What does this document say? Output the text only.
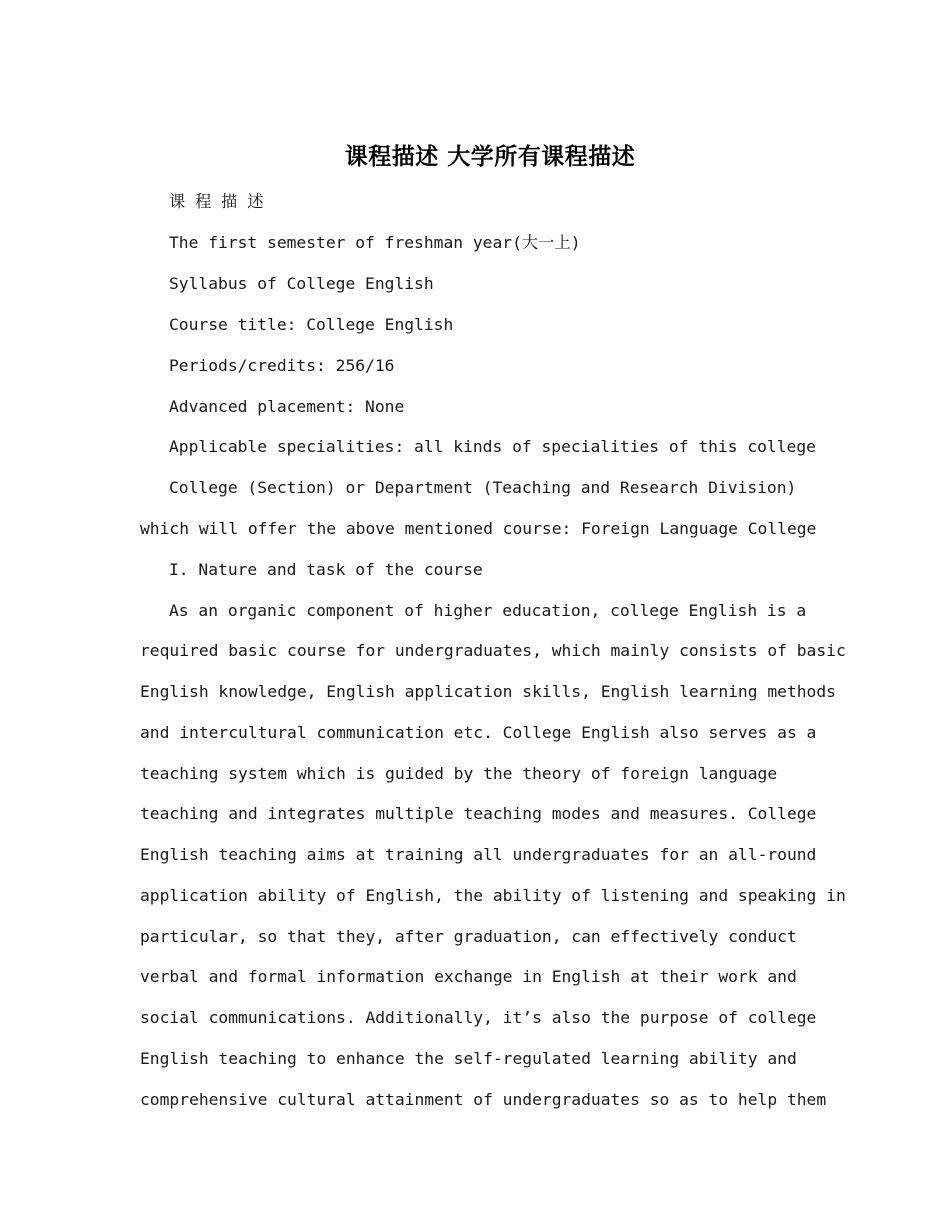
课程描述 大学所有课程描述
课 程 描 述
The first semester of freshman year(大一上)
Syllabus of College English
Course title: College English
Periods/credits: 256/16
Advanced placement: None
Applicable specialities: all kinds of specialities of this college
College (Section) or Department (Teaching and Research Division)
which will offer the above mentioned course: Foreign Language College
I. Nature and task of the course
As an organic component of higher education, college English is a
required basic course for undergraduates, which mainly consists of basic
English knowledge, English application skills, English learning methods
and intercultural communication etc. College English also serves as a
teaching system which is guided by the theory of foreign language
teaching and integrates multiple teaching modes and measures. College
English teaching aims at training all undergraduates for an all-round
application ability of English, the ability of listening and speaking in
particular, so that they, after graduation, can effectively conduct
verbal and formal information exchange in English at their work and
social communications. Additionally, it’s also the purpose of college
English teaching to enhance the self-regulated learning ability and
comprehensive cultural attainment of undergraduates so as to help them
